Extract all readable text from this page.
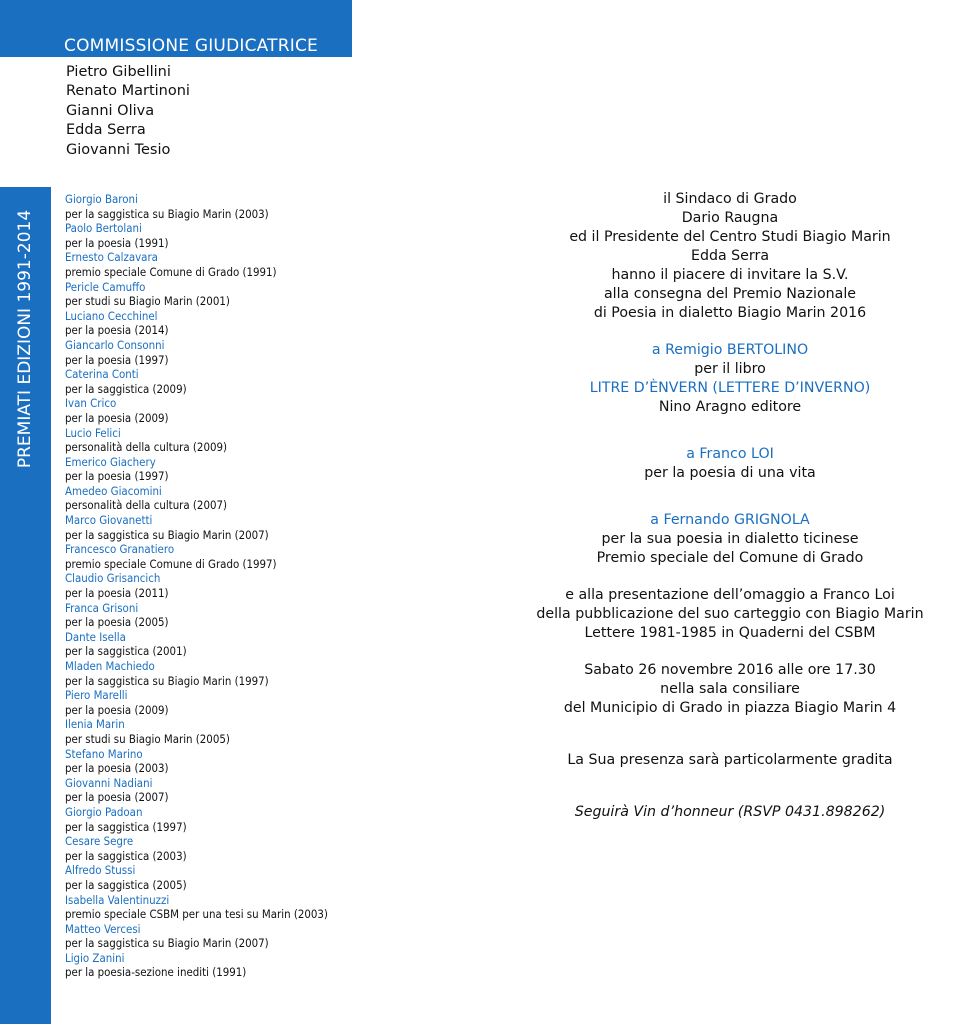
COMMISSIONE GIUDICATRICE
Pietro Gibellini
Renato Martinoni
Gianni Oliva
Edda Serra
Giovanni Tesio
PREMIATI EDIZIONI 1991-2014
Giorgio Baroni
per la saggistica su Biagio Marin (2003)
Paolo Bertolani
per la poesia (1991)
Ernesto Calzavara
premio speciale Comune di Grado (1991)
Pericle Camuffo
per studi su Biagio Marin (2001)
Luciano Cecchinel
per la poesia (2014)
Giancarlo Consonni
per la poesia (1997)
Caterina Conti
per la saggistica (2009)
Ivan Crico
per la poesia (2009)
Lucio Felici
personalità della cultura (2009)
Emerico Giachery
per la poesia (1997)
Amedeo Giacomini
personalità della cultura (2007)
Marco Giovanetti
per la saggistica su Biagio Marin (2007)
Francesco Granatiero
premio speciale Comune di Grado (1997)
Claudio Grisancich
per la poesia (2011)
Franca Grisoni
per la poesia (2005)
Dante Isella
per la saggistica (2001)
Mladen Machiedo
per la saggistica su Biagio Marin (1997)
Piero Marelli
per la poesia (2009)
Ilenia Marin
per studi su Biagio Marin (2005)
Stefano Marino
per la poesia (2003)
Giovanni Nadiani
per la poesia (2007)
Giorgio Padoan
per la saggistica (1997)
Cesare Segre
per la saggistica (2003)
Alfredo Stussi
per la saggistica (2005)
Isabella Valentinuzzi
premio speciale CSBM per una tesi su Marin (2003)
Matteo Vercesi
per la saggistica su Biagio Marin (2007)
Ligio Zanini
per la poesia-sezione inediti (1991)
il Sindaco di Grado
Dario Raugna
ed il Presidente del Centro Studi Biagio Marin
Edda Serra
hanno il piacere di invitare la S.V.
alla consegna del Premio Nazionale
di Poesia in dialetto Biagio Marin 2016
a Remigio BERTOLINO
per il libro
LITRE D’ÈNVERN (LETTERE D’INVERNO)
Nino Aragno editore
a Franco LOI
per la poesia di una vita
a Fernando GRIGNOLA
per la sua poesia in dialetto ticinese
Premio speciale del Comune di Grado
e alla presentazione dell’omaggio a Franco Loi
della pubblicazione del suo carteggio con Biagio Marin
Lettere 1981-1985 in Quaderni del CSBM
Sabato 26 novembre 2016 alle ore 17.30
nella sala consiliare
del Municipio di Grado in piazza Biagio Marin 4
La Sua presenza sarà particolarmente gradita
Seguirà Vin d’honneur (RSVP 0431.898262)
